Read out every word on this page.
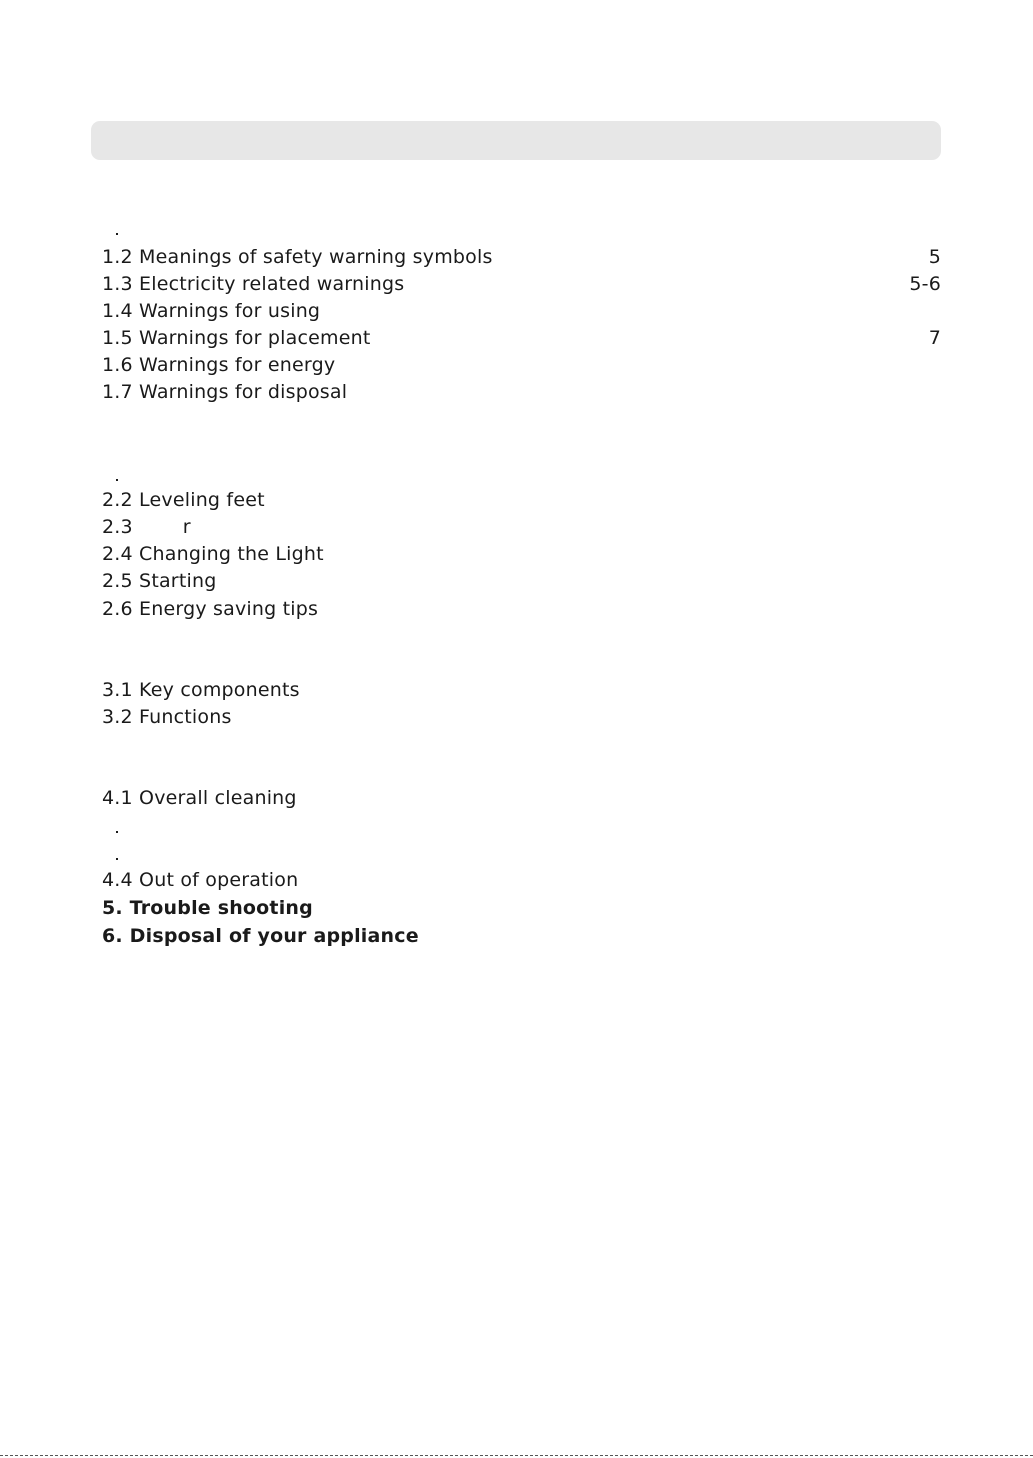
1.2 Meanings of safety warning symbols	5
1.3 Electricity related warnings	5-6
1.4 Warnings for using
1.5 Warnings for placement	7
1.6 Warnings for energy
1.7 Warnings for disposal
2.2 Leveling feet
2.3        r
2.4 Changing the Light
2.5 Starting
2.6 Energy saving tips
3.1 Key components
3.2 Functions
4.1 Overall cleaning
4.4 Out of operation
5. Trouble shooting
6. Disposal of your appliance
